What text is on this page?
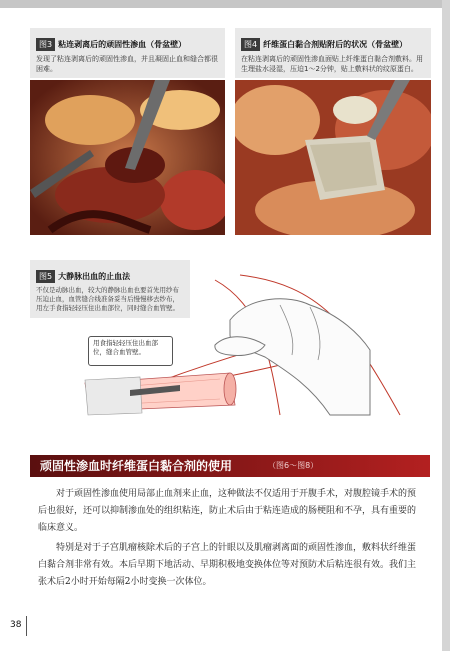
图3 粘连剥离后的顽固性渗血（骨盆壁）
发现了粘连剥离后的顽固性渗血，并且凝固止血和缝合都很困难。
图4 纤维蛋白黏合剂贴附后的状况（骨盆壁）
在粘连剥离后的顽固性渗血面贴上纤维蛋白黏合剂敷料。用生理盐水浸湿，压迫1～2分钟，贴上敷料状的纹原蛋白。
图5 大静脉出血的止血法
不仅是动脉出血，较大的静脉出血也要首先用纱布压迫止血，血管缝合线准备妥当后慢慢移去纱布，用左手食指轻轻压住出血部位，同时缝合血管壁。
用食指轻轻压住出血部位，缝合血管壁。
顽固性渗血时纤维蛋白黏合剂的使用	（图6～图8）
对于顽固性渗血使用局部止血剂来止血，这种做法不仅适用于开腹手术，对腹腔镜手术的预后也很好，还可以抑制渗血处的组织粘连，防止术后由于粘连造成的肠梗阻和不孕，具有重要的临床意义。
特别是对于子宫肌瘤核除术后的子宫上的针眼以及肌瘤剥离面的顽固性渗血，敷料状纤维蛋白黏合剂非常有效。本后早期下地活动、早期积极地变换体位等对预防术后粘连很有效。我们主张术后2小时开始每隔2小时变换一次体位。
38
